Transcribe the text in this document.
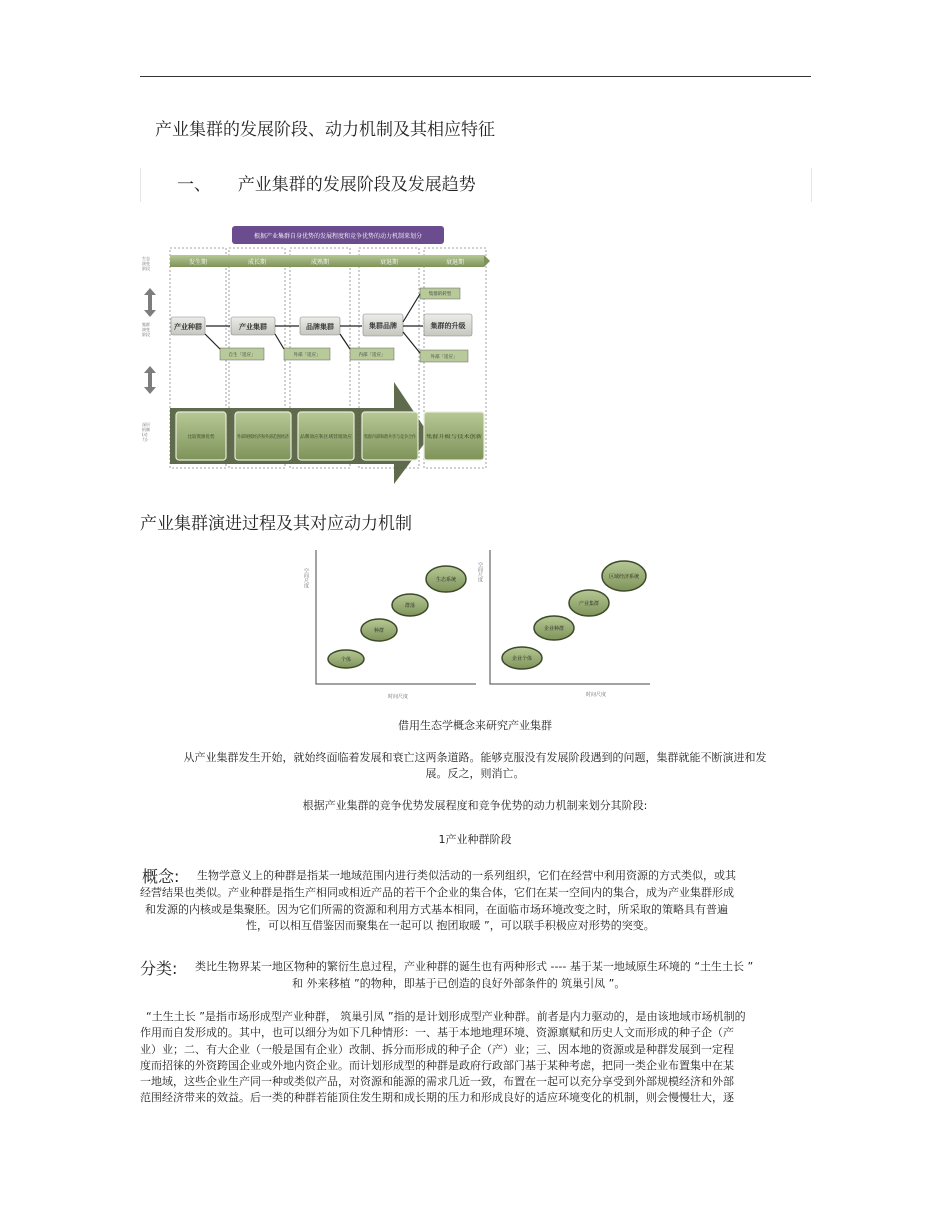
产业集群的发展阶段、动力机制及其相应特征
一、 产业集群的发展阶段及发展趋势
根据产业集群自身优势的发展程度和竞争优势的动力机制来划分
发生期	成长期	成熟期	衰退期	衰退期
生态
演变
阶段
集群
演变
阶段
深层
机制
(动
力)
产业种群	产业集群	品牌集群	集群品牌	集群的升级
自生「适应」	外部「适应」	内部「适应」	外部「适应」
集群的转型
比较资源优势	外部规模经济和外部范围经济 品牌效应和区域营销效应	集群内部和谐共享与竞争合作 集群升级与技术创新
产业集群演进过程及其对应动力机制
空间尺度
时间尺度
空间尺度
时间尺度
个体
种群
群落
生态系统
企业个体
企业种群
产业集群
区域经济系统
借用生态学概念来研究产业集群
从产业集群发生开始，就始终面临着发展和衰亡这两条道路。能够克服没有发展阶段遇到的问题，集群就能不断演进和发
展。反之，则消亡。
根据产业集群的竞争优势发展程度和竞争优势的动力机制来划分其阶段:
1产业种群阶段
概念: 生物学意义上的种群是指某一地域范围内进行类似活动的一系列组织，它们在经营中利用资源的方式类似，或其
经营结果也类似。产业种群是指生产相同或相近产品的若干个企业的集合体，它们在某一空间内的集合，成为产业集群形成
和发源的内核或是集聚胚。因为它们所需的资源和利用方式基本相同，在面临市场环境改变之时，所采取的策略具有普遍
性，可以相互借鉴因而聚集在一起可以 抱团取暖 ”，可以联手积极应对形势的突变。
分类: 类比生物界某一地区物种的繁衍生息过程，产业种群的诞生也有两种形式 ---- 基于某一地域原生环境的 “土生土长 ”
和 外来移植 ”的物种，即基于已创造的良好外部条件的 筑巢引凤 ”。
“土生土长 ”是指市场形成型产业种群， 筑巢引凤 ”指的是计划形成型产业种群。前者是内力驱动的，是由该地域市场机制的
作用而自发形成的。其中，也可以细分为如下几种情形：一、基于本地地理环境、资源禀赋和历史人文而形成的种子企（产
业）业；二、有大企业（一般是国有企业）改制、拆分而形成的种子企（产）业；三、因本地的资源或是种群发展到一定程
度而招徕的外资跨国企业或外地内资企业。而计划形成型的种群是政府行政部门基于某种考虑，把同一类企业布置集中在某
一地域，这些企业生产同一种或类似产品，对资源和能源的需求几近一致，布置在一起可以充分享受到外部规模经济和外部
范围经济带来的效益。后一类的种群若能顶住发生期和成长期的压力和形成良好的适应环境变化的机制，则会慢慢壮大，逐
